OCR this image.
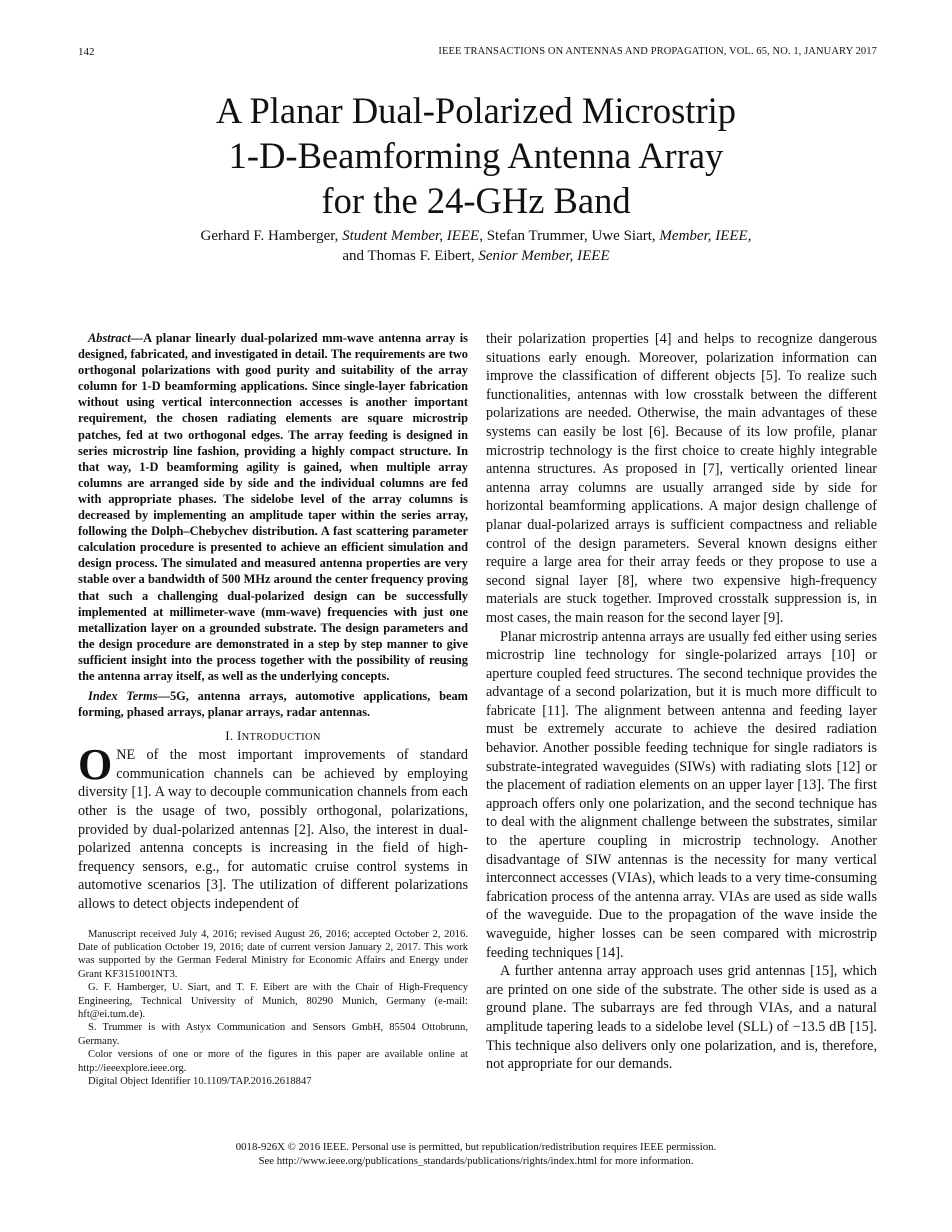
142	IEEE TRANSACTIONS ON ANTENNAS AND PROPAGATION, VOL. 65, NO. 1, JANUARY 2017
A Planar Dual-Polarized Microstrip
1-D-Beamforming Antenna Array
for the 24-GHz Band
Gerhard F. Hamberger, Student Member, IEEE, Stefan Trummer, Uwe Siart, Member, IEEE,
and Thomas F. Eibert, Senior Member, IEEE

Abstract—A planar linearly dual-polarized mm-wave antenna array is designed, fabricated, and investigated in detail. The requirements are two orthogonal polarizations with good purity and suitability of the array column for 1-D beamforming applications. Since single-layer fabrication without using vertical interconnection accesses is another important requirement, the chosen radiating elements are square microstrip patches, fed at two orthogonal edges. The array feeding is designed in series microstrip line fashion, providing a highly compact structure. In that way, 1-D beamforming agility is gained, when multiple array columns are arranged side by side and the individual columns are fed with appropriate phases. The sidelobe level of the array columns is decreased by implementing an amplitude taper within the series array, following the Dolph–Chebychev distribution. A fast scattering parameter calculation procedure is presented to achieve an efficient simulation and design process. The simulated and measured antenna properties are very stable over a bandwidth of 500 MHz around the center frequency proving that such a challenging dual-polarized design can be successfully implemented at millimeter-wave (mm-wave) frequencies with just one metallization layer on a grounded substrate. The design parameters and the design procedure are demonstrated in a step by step manner to give sufficient insight into the process together with the possibility of reusing the antenna array itself, as well as the underlying concepts.

Index Terms—5G, antenna arrays, automotive applications, beam forming, phased arrays, planar arrays, radar antennas.

I. INTRODUCTION

ONE of the most important improvements of standard communication channels can be achieved by employing diversity [1]. A way to decouple communication channels from each other is the usage of two, possibly orthogonal, polarizations, provided by dual-polarized antennas [2]. Also, the interest in dual-polarized antenna concepts is increasing in the field of high-frequency sensors, e.g., for automatic cruise control systems in automotive scenarios [3]. The utilization of different polarizations allows to detect objects independent of

Manuscript received July 4, 2016; revised August 26, 2016; accepted October 2, 2016. Date of publication October 19, 2016; date of current version January 2, 2017. This work was supported by the German Federal Ministry for Economic Affairs and Energy under Grant KF3151001NT3.

G. F. Hamberger, U. Siart, and T. F. Eibert are with the Chair of High-Frequency Engineering, Technical University of Munich, 80290 Munich, Germany (e-mail: hft@ei.tum.de).

S. Trummer is with Astyx Communication and Sensors GmbH, 85504 Ottobrunn, Germany.

Color versions of one or more of the figures in this paper are available online at http://ieeexplore.ieee.org.

Digital Object Identifier 10.1109/TAP.2016.2618847

their polarization properties [4] and helps to recognize dangerous situations early enough. Moreover, polarization information can improve the classification of different objects [5]. To realize such functionalities, antennas with low crosstalk between the different polarizations are needed. Otherwise, the main advantages of these systems can easily be lost [6]. Because of its low profile, planar microstrip technology is the first choice to create highly integrable antenna structures. As proposed in [7], vertically oriented linear antenna array columns are usually arranged side by side for horizontal beamforming applications. A major design challenge of planar dual-polarized arrays is sufficient compactness and reliable control of the design parameters. Several known designs either require a large area for their array feeds or they propose to use a second signal layer [8], where two expensive high-frequency materials are stuck together. Improved crosstalk suppression is, in most cases, the main reason for the second layer [9].

Planar microstrip antenna arrays are usually fed either using series microstrip line technology for single-polarized arrays [10] or aperture coupled feed structures. The second technique provides the advantage of a second polarization, but it is much more difficult to fabricate [11]. The alignment between antenna and feeding layer must be extremely accurate to achieve the desired radiation behavior. Another possible feeding technique for single radiators is substrate-integrated waveguides (SIWs) with radiating slots [12] or the placement of radiation elements on an upper layer [13]. The first approach offers only one polarization, and the second technique has to deal with the alignment challenge between the substrates, similar to the aperture coupling in microstrip technology. Another disadvantage of SIW antennas is the necessity for many vertical interconnect accesses (VIAs), which leads to a very time-consuming fabrication process of the antenna array. VIAs are used as side walls of the waveguide. Due to the propagation of the wave inside the waveguide, higher losses can be seen compared with microstrip feeding techniques [14].

A further antenna array approach uses grid antennas [15], which are printed on one side of the substrate. The other side is used as a ground plane. The subarrays are fed through VIAs, and a natural amplitude tapering leads to a sidelobe level (SLL) of −13.5 dB [15]. This technique also delivers only one polarization, and is, therefore, not appropriate for our demands.

0018-926X © 2016 IEEE. Personal use is permitted, but republication/redistribution requires IEEE permission.
See http://www.ieee.org/publications_standards/publications/rights/index.html for more information.
